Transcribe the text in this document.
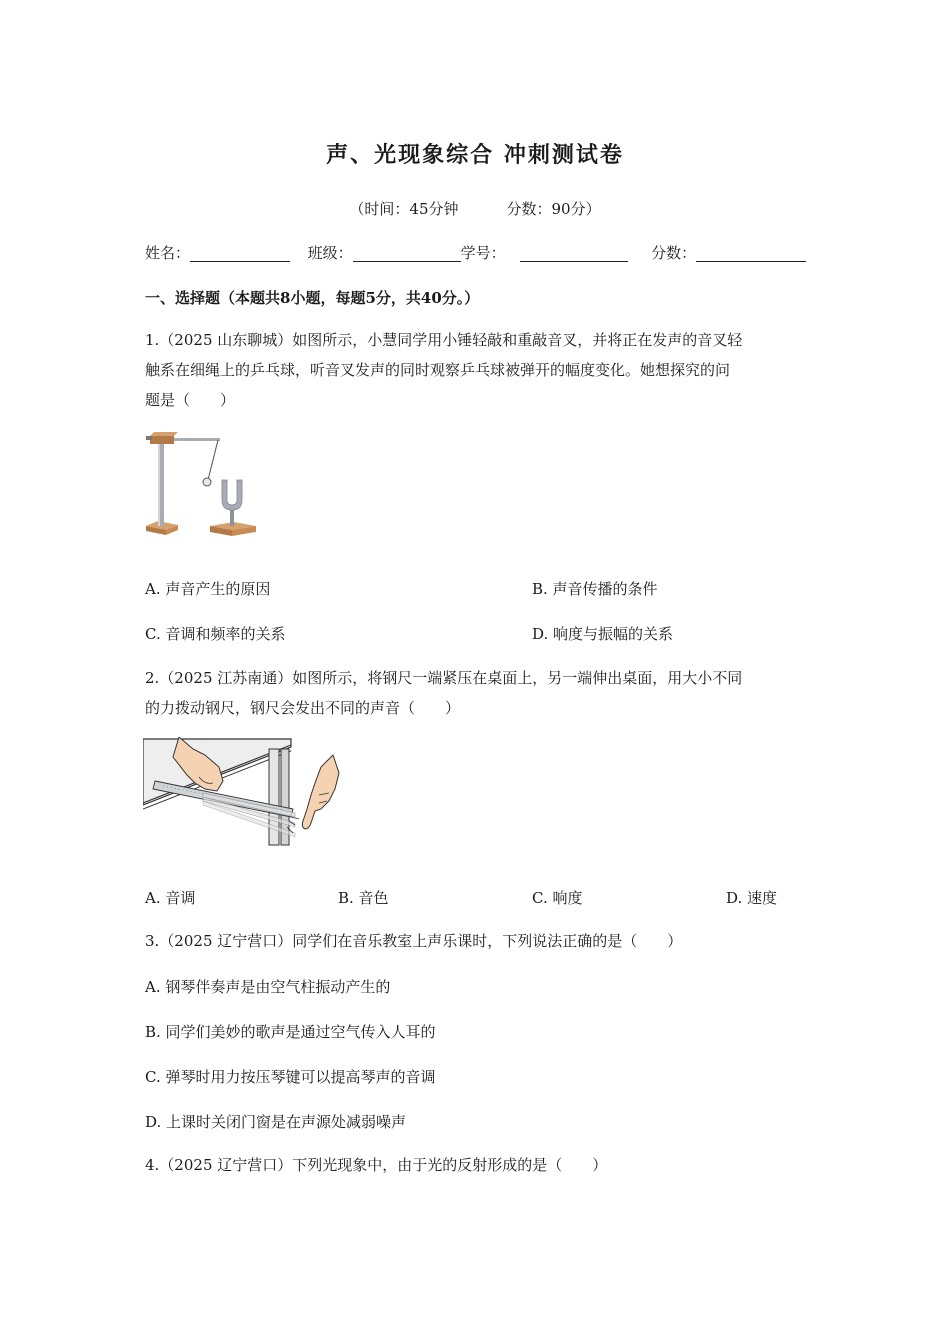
声、光现象综合 冲刺测试卷
（时间：45分钟	分数：90分）
姓名：	班级：	学号：	分数：
一、选择题（本题共8小题，每题5分，共40分。）
1.（2025 山东聊城）如图所示，小慧同学用小锤轻敲和重敲音叉，并将正在发声的音叉轻
触系在细绳上的乒乓球，听音叉发声的同时观察乒乓球被弹开的幅度变化。她想探究的问
题是（　　）
A. 声音产生的原因	B. 声音传播的条件
C. 音调和频率的关系	D. 响度与振幅的关系
2.（2025 江苏南通）如图所示，将钢尺一端紧压在桌面上，另一端伸出桌面，用大小不同
的力拨动钢尺，钢尺会发出不同的声音（　　）
A. 音调	B. 音色	C. 响度	D. 速度
3.（2025 辽宁营口）同学们在音乐教室上声乐课时，下列说法正确的是（　　）
A. 钢琴伴奏声是由空气柱振动产生的
B. 同学们美妙的歌声是通过空气传入人耳的
C. 弹琴时用力按压琴键可以提高琴声的音调
D. 上课时关闭门窗是在声源处减弱噪声
4.（2025 辽宁营口）下列光现象中，由于光的反射形成的是（　　）
